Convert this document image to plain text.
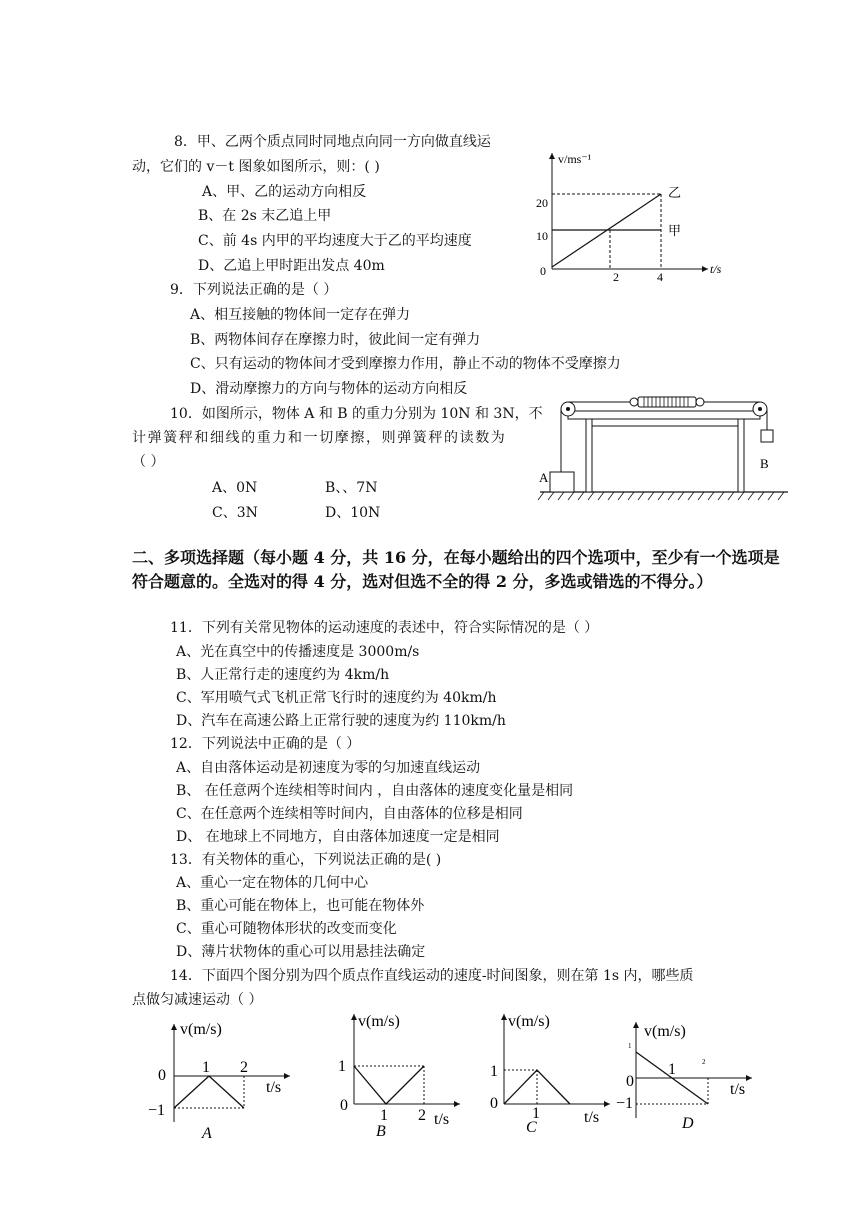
8．甲、乙两个质点同时同地点向同一方向做直线运
动，它们的 v－t 图象如图所示，则：( )
A、甲、乙的运动方向相反
B、在 2s 末乙追上甲
C、前 4s 内甲的平均速度大于乙的平均速度
D、乙追上甲时距出发点 40m
v/ms⁻¹
t/s
20
10
0	2	4
乙
甲
9．下列说法正确的是（ ）
A、相互接触的物体间一定存在弹力
B、两物体间存在摩擦力时，彼此间一定有弹力
C、只有运动的物体间才受到摩擦力作用，静止不动的物体不受摩擦力
D、滑动摩擦力的方向与物体的运动方向相反
10．如图所示，物体 A 和 B 的重力分别为 10N 和 3N，不
计弹簧秤和细线的重力和一切摩擦，则弹簧秤的读数为
（ ）
A、0N	B、、7N
C、3N	D、10N
A
B
二、多项选择题（每小题 4 分，共 16 分，在每小题给出的四个选项中，至少有一个选项是符合题意的。全选对的得 4 分，选对但选不全的得 2 分，多选或错选的不得分。）
11．下列有关常见物体的运动速度的表述中，符合实际情况的是（ ）
A、光在真空中的传播速度是 3000m/s
B、人正常行走的速度约为 4km/h
C、军用喷气式飞机正常飞行时的速度约为 40km/h
D、汽车在高速公路上正常行驶的速度为约 110km/h
12．下列说法中正确的是（ ）
A、自由落体运动是初速度为零的匀加速直线运动
B、 在任意两个连续相等时间内 ，自由落体的速度变化量是相同
C、在任意两个连续相等时间内，自由落体的位移是相同
D、 在地球上不同地方，自由落体加速度一定是相同
13．有关物体的重心，下列说法正确的是( )
A、重心一定在物体的几何中心
B、重心可能在物体上，也可能在物体外
C、重心可随物体形状的改变而变化
D、薄片状物体的重心可以用悬挂法确定
14．下面四个图分别为四个质点作直线运动的速度-时间图象，则在第 1s 内，哪些质
点做匀减速运动（ ）
v(m/s)
t/s
0
−1
1 2
A
v(m/s)
t/s
1
0
1 2
B
v(m/s)
t/s
1
0
1
C
v(m/s)
t/s
1
0
−1
1	2
D
